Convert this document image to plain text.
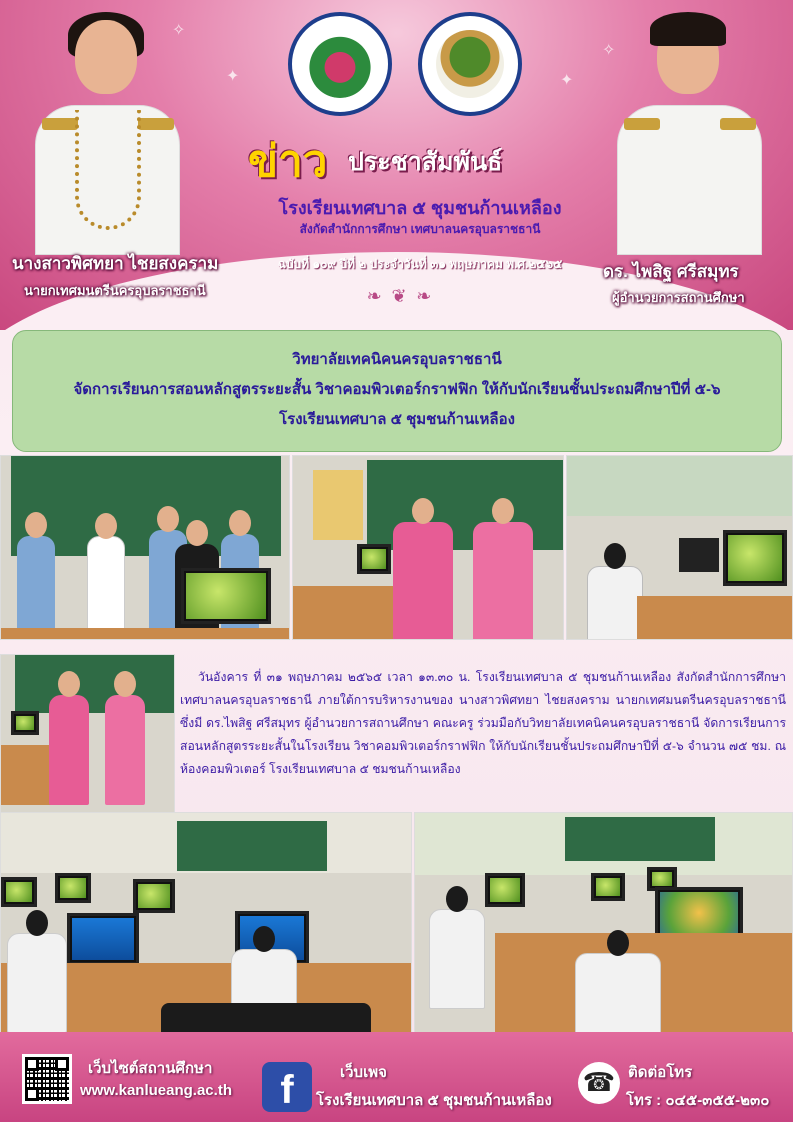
✦	✦
✧
✧
ข่าว ประชาสัมพันธ์
โรงเรียนเทศบาล ๕ ชุมชนก้านเหลือง
สังกัดสำนักการศึกษา เทศบาลนครอุบลราชธานี
ฉบับที่ ๑๐๙ ปีที่ ๒ ประจำวันที่ ๓๑ พฤษภาคม พ.ศ.๒๕๖๕
❧ ❦ ❧
นางสาวพิศทยา ไชยสงคราม
นายกเทศมนตรีนครอุบลราชธานี
ดร. ไพสิฐ ศรีสมุทร
ผู้อำนวยการสถานศึกษา
วิทยาลัยเทคนิคนครอุบลราชธานี
จัดการเรียนการสอนหลักสูตรระยะสั้น วิชาคอมพิวเตอร์กราฟฟิก ให้กับนักเรียนชั้นประถมศึกษาปีที่ ๕-๖
โรงเรียนเทศบาล ๕ ชุมชนก้านเหลือง

วันอังคาร ที่ ๓๑ พฤษภาคม ๒๕๖๕ เวลา ๑๓.๓๐ น. โรงเรียนเทศบาล ๕ ชุมชนก้านเหลือง สังกัดสำนักการศึกษา เทศบาลนครอุบลราชธานี ภายใต้การบริหารงานของ นางสาวพิศทยา ไชยสงคราม นายกเทศมนตรีนครอุบลราชธานี ซึ่งมี ดร.ไพสิฐ ศรีสมุทร ผู้อำนวยการสถานศึกษา คณะครู ร่วมมือกับวิทยาลัยเทคนิคนครอุบลราชธานี จัดการเรียนการสอนหลักสูตรระยะสั้นในโรงเรียน วิชาคอมพิวเตอร์กราฟฟิก ให้กับนักเรียนชั้นประถมศึกษาปีที่ ๕-๖ จำนวน ๗๕ ชม. ณ ห้องคอมพิวเตอร์ โรงเรียนเทศบาล ๕ ชมชนก้านเหลือง

เว็บไซต์สถานศึกษา
www.kanlueang.ac.th	f	เว็บเพจ
โรงเรียนเทศบาล ๕ ชุมชนก้านเหลือง
☎ ติดต่อโทร
โทร : ๐๔๕-๓๕๕-๒๓๐
